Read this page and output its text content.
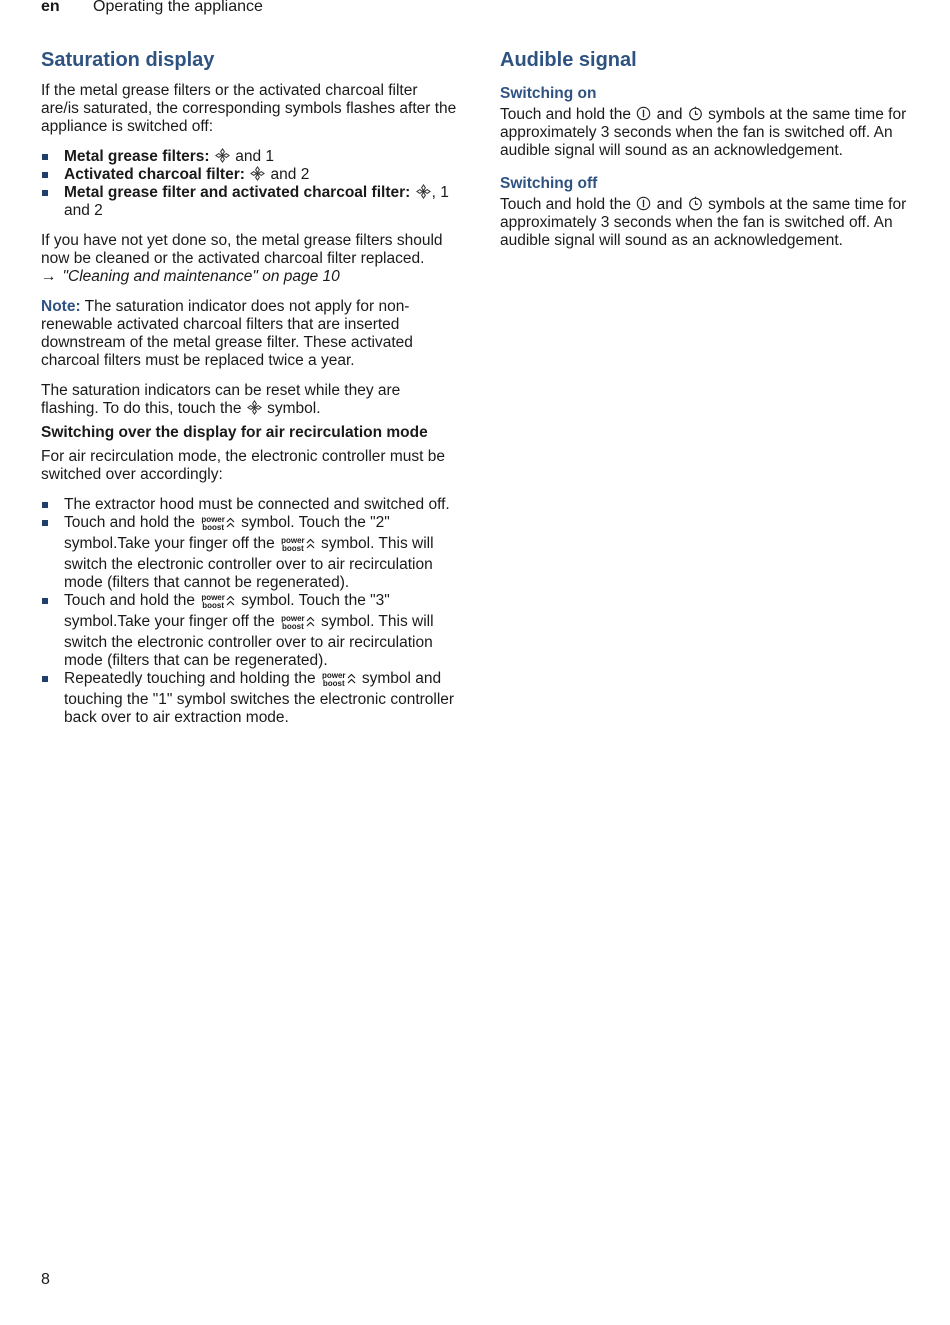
en Operating the appliance
Saturation display

If the metal grease filters or the activated charcoal filter are/is saturated, the corresponding symbols flashes after the appliance is switched off:

Metal grease filters:  and 1
Activated charcoal filter:  and 2
Metal grease filter and activated charcoal filter: , 1 and 2

If you have not yet done so, the metal grease filters should now be cleaned or the activated charcoal filter replaced. → "Cleaning and maintenance" on page 10

Note: The saturation indicator does not apply for non-renewable activated charcoal filters that are inserted downstream of the metal grease filter. These activated charcoal filters must be replaced twice a year.

The saturation indicators can be reset while they are flashing. To do this, touch the  symbol.

Switching over the display for air recirculation mode

For air recirculation mode, the electronic controller must be switched over accordingly:

The extractor hood must be connected and switched off.
Touch and hold the power
boost symbol. Touch the "2" symbol.Take your finger off the power
boost symbol. This will switch the electronic controller over to air recirculation mode (filters that cannot be regenerated).
Touch and hold the power
boost symbol. Touch the "3" symbol.Take your finger off the power
boost symbol. This will switch the electronic controller over to air recirculation mode (filters that can be regenerated).
Repeatedly touching and holding the power
boost symbol and touching the "1" symbol switches the electronic controller back over to air extraction mode.
Audible signal
Switching on

Touch and hold the  and  symbols at the same time for approximately 3 seconds when the fan is switched off. An audible signal will sound as an acknowledgement.

Switching off

Touch and hold the  and  symbols at the same time for approximately 3 seconds when the fan is switched off. An audible signal will sound as an acknowledgement.

8
